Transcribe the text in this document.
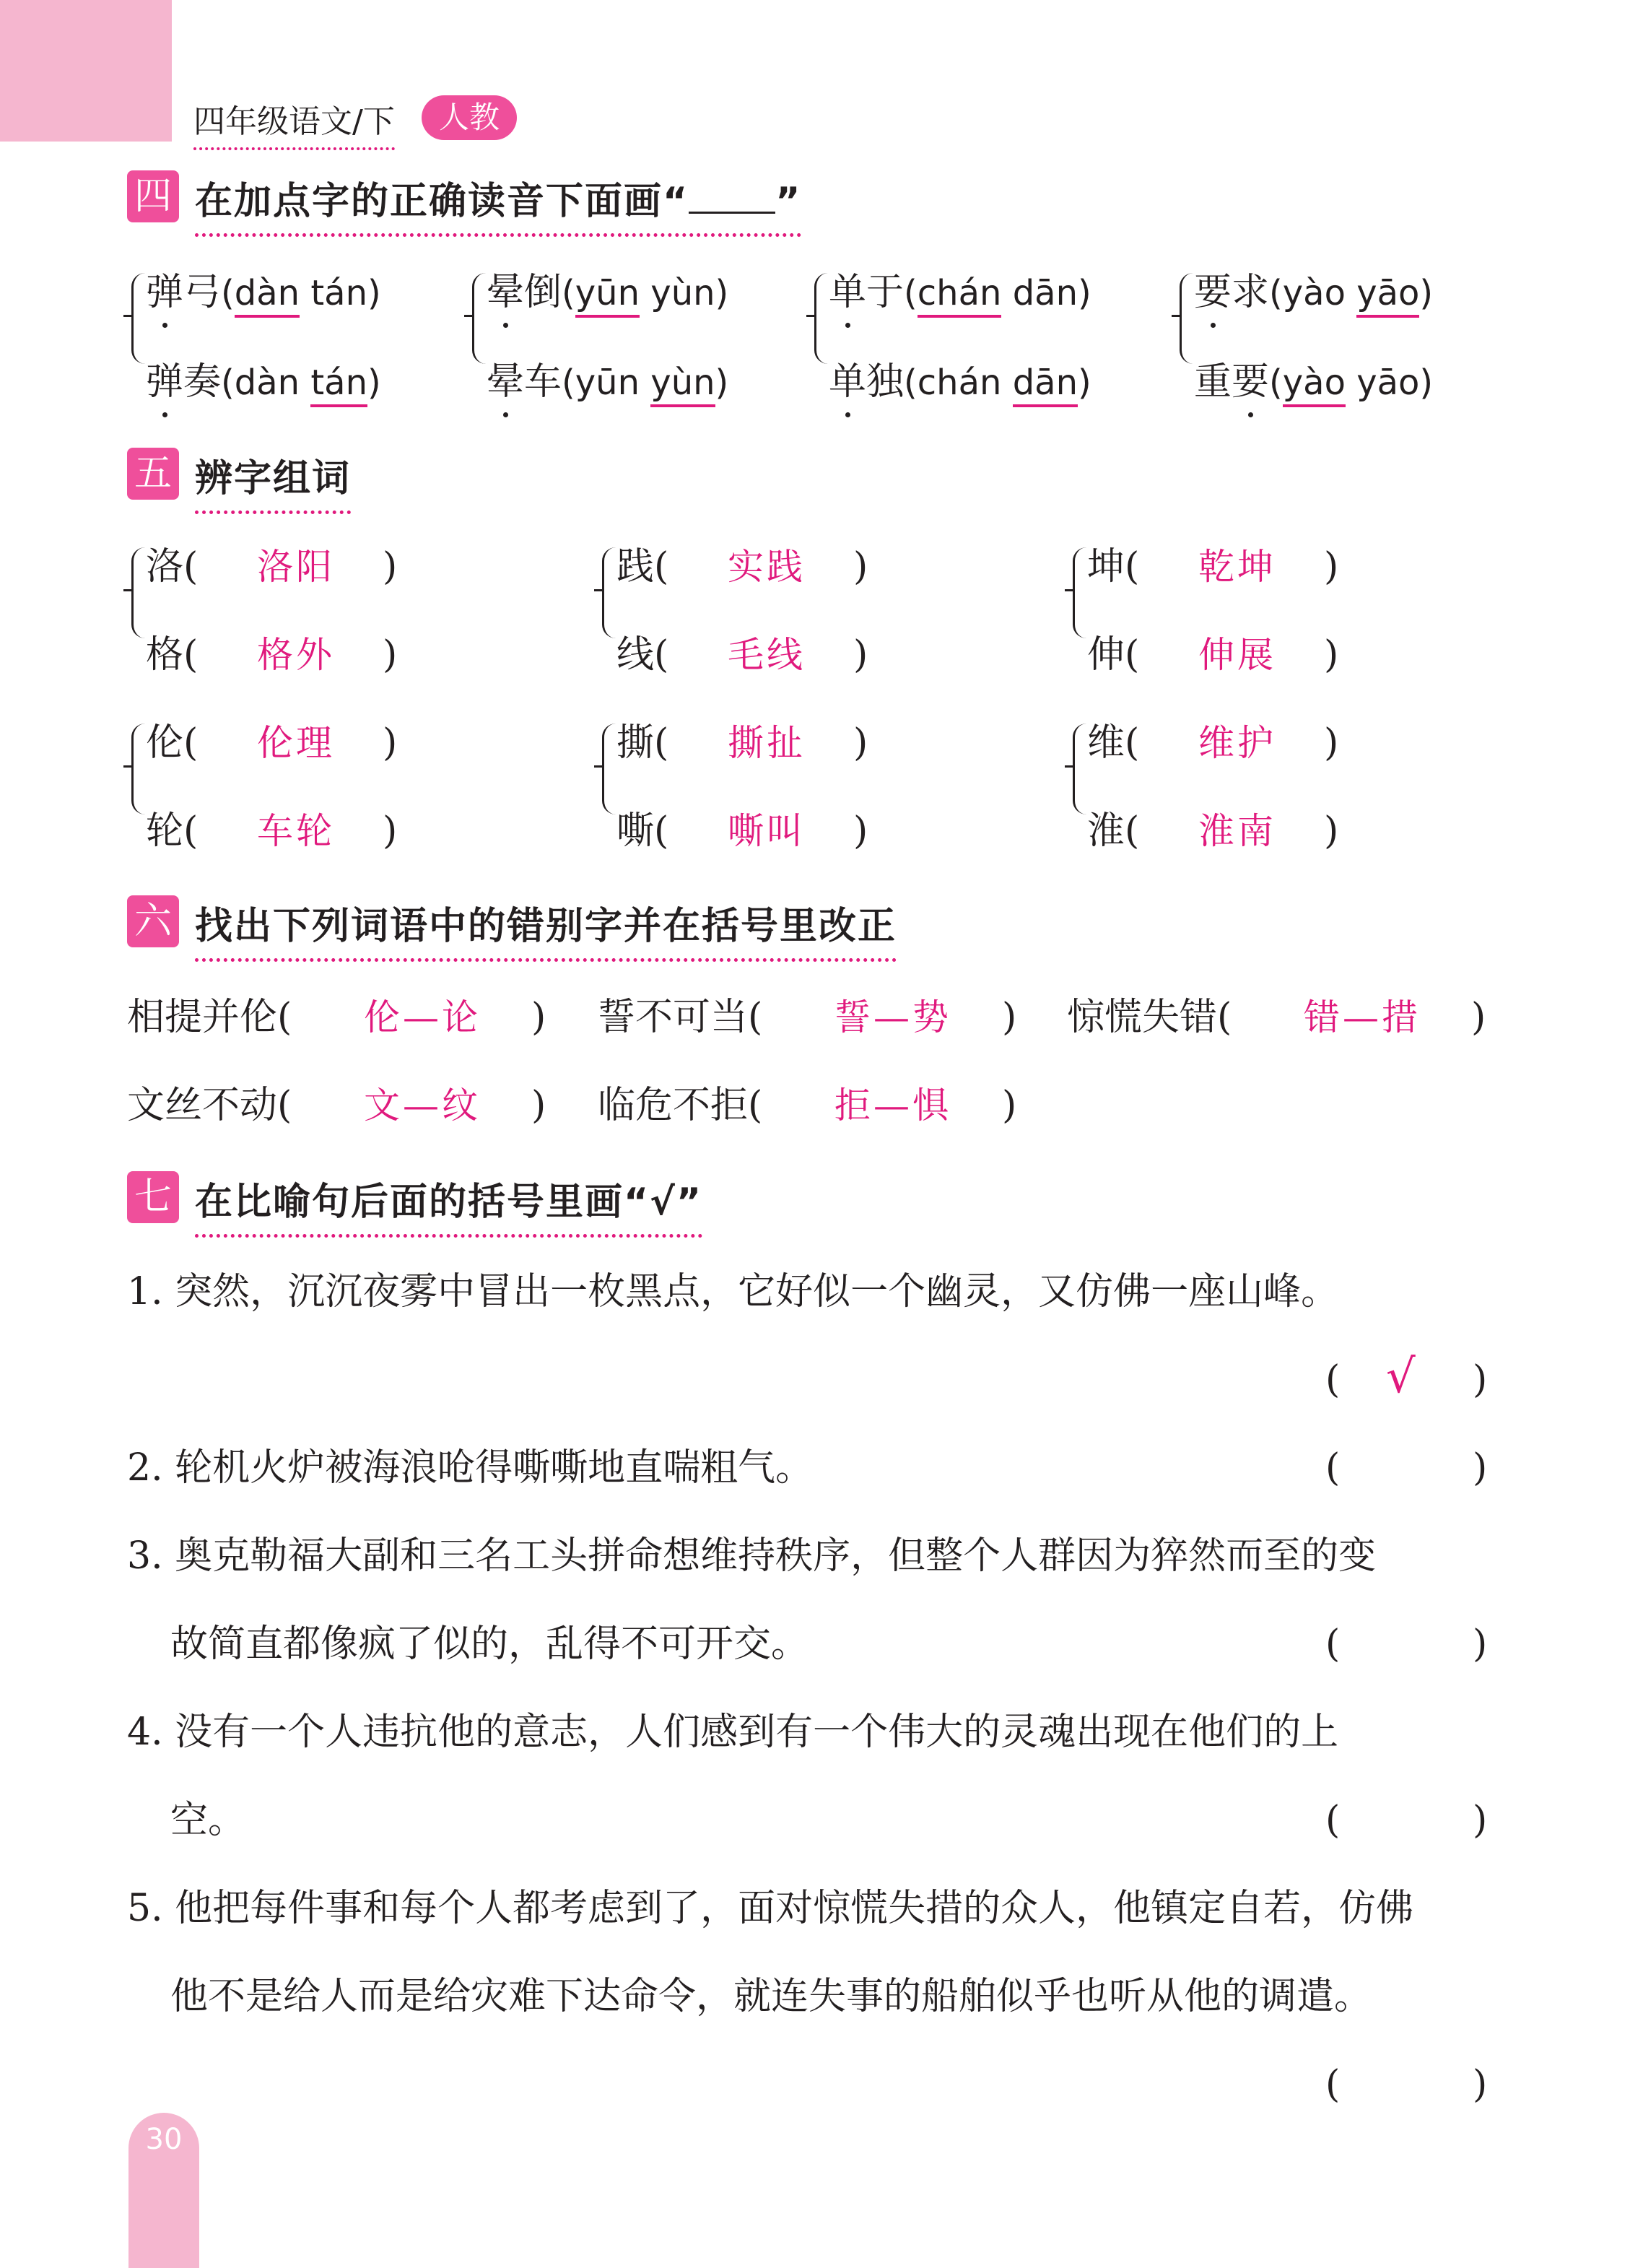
30
四年级语文/下	人教
四 在加点字的正确读音下面画“ ”
弹弓(dàn tán)
弹奏(dàn tán)
晕倒(yūn yùn)
晕车(yūn yùn)
单于(chán dān)
单独(chán dān)
要求(yào yāo)
重要(yào yāo)
五 辨字组词
洛( 洛阳 )
格( 格外 )
践( 实践 )
线( 毛线 )
坤( 乾坤 )
伸( 伸展 )
伦( 伦理 )
轮( 车轮 )
撕( 撕扯 )
嘶( 嘶叫 )
维( 维护 )
淮( 淮南 )
六 找出下列词语中的错别字并在括号里改正
相提并伦( 伦—论 ) 誓不可当( 誓—势 ) 惊慌失错( 错—措 )
文丝不动( 文—纹 ) 临危不拒( 拒—惧 )
七 在比喻句后面的括号里画“√”
1. 突然，沉沉夜雾中冒出一枚黑点，它好似一个幽灵，又仿佛一座山峰。
(	)
√
2. 轮机火炉被海浪呛得嘶嘶地直喘粗气。	(	)
3. 奥克勒福大副和三名工头拼命想维持秩序，但整个人群因为猝然而至的变
故简直都像疯了似的，乱得不可开交。	(	)
4. 没有一个人违抗他的意志，人们感到有一个伟大的灵魂出现在他们的上
空。	(	)
5. 他把每件事和每个人都考虑到了，面对惊慌失措的众人，他镇定自若，仿佛
他不是给人而是给灾难下达命令，就连失事的船舶似乎也听从他的调遣。
(	)
